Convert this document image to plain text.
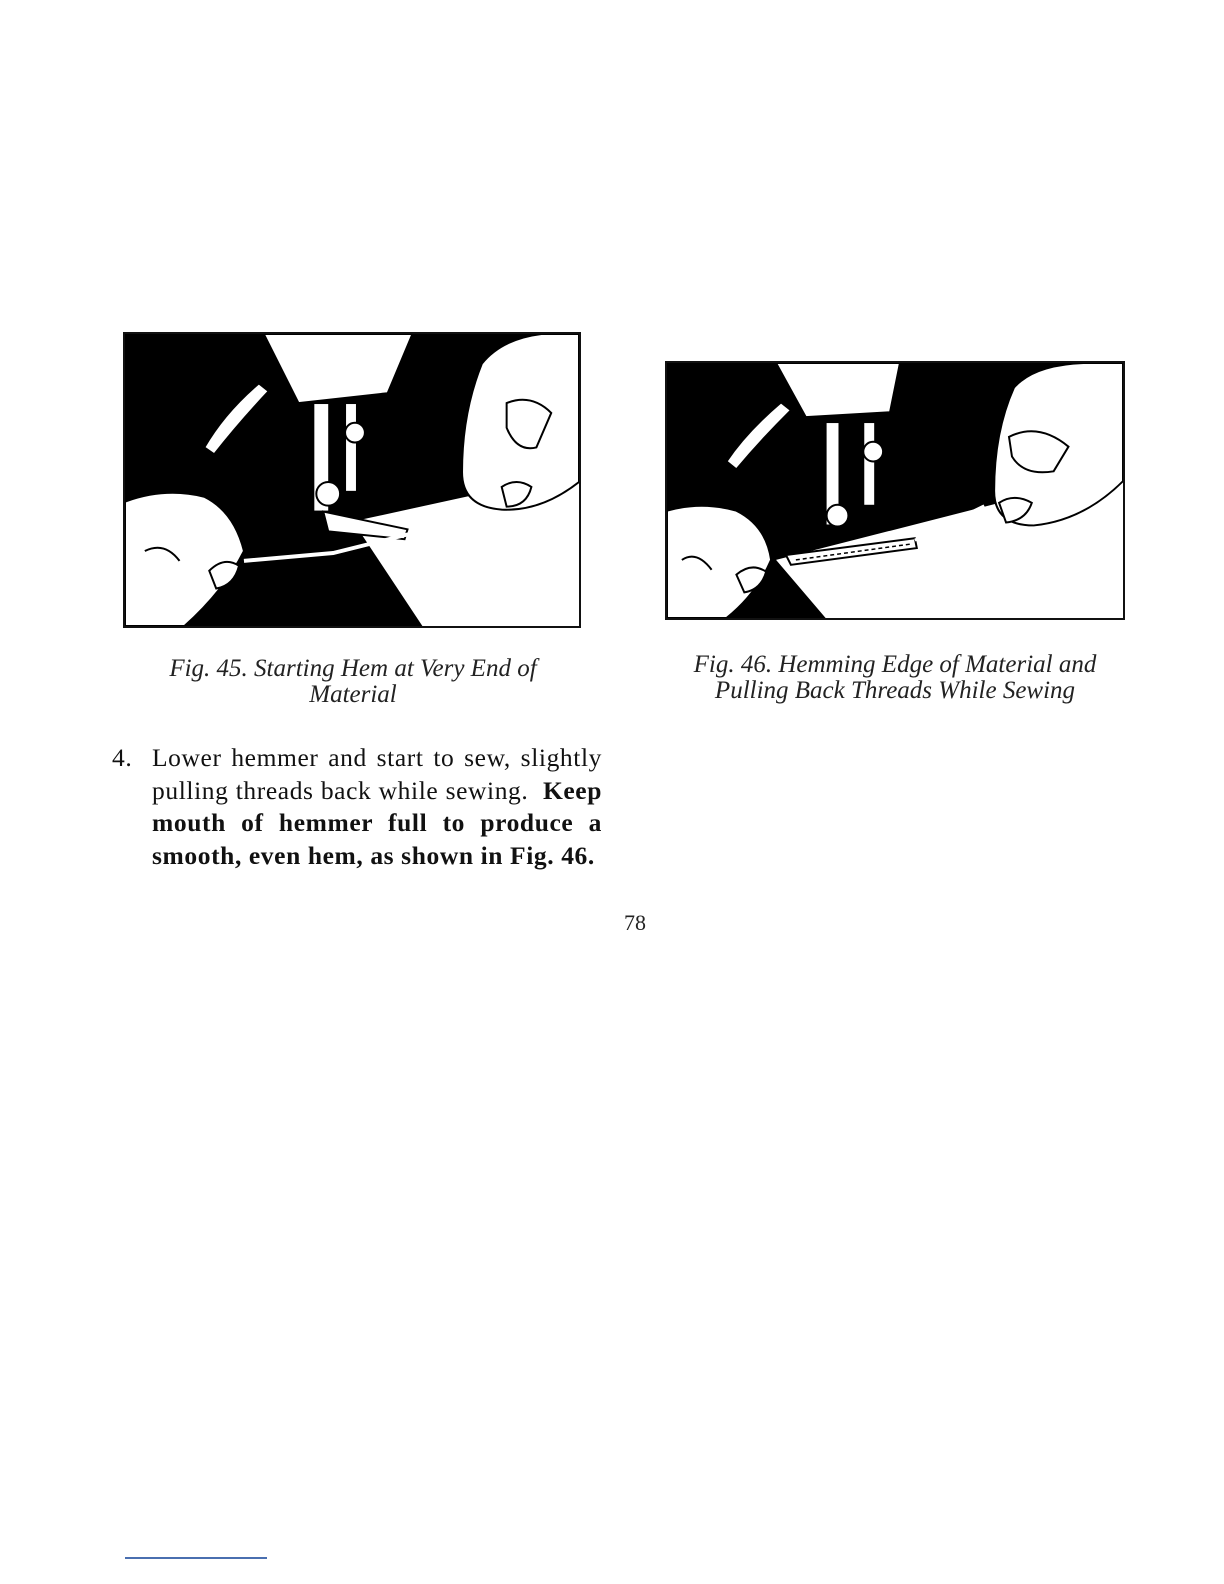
Fig. 45. Starting Hem at Very End of
Material
Fig. 46. Hemming Edge of Material and
Pulling Back Threads While Sewing
4. Lower hemmer and start to sew, slightly pulling threads back while sewing. Keep mouth of hemmer full to produce a smooth, even hem, as shown in Fig. 46.
78
